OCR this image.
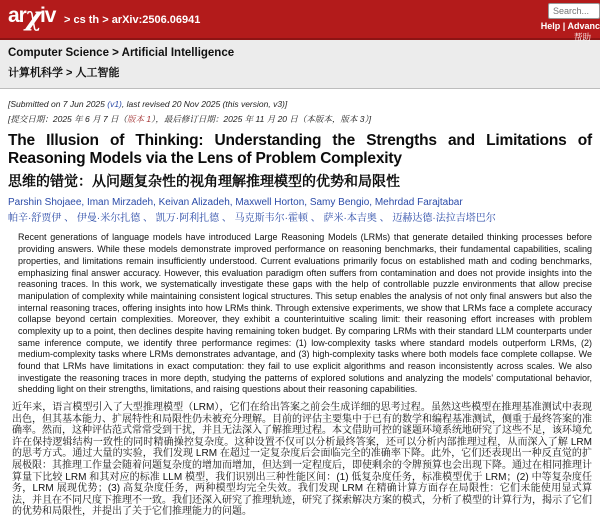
arχiv > cs th > arXiv:2506.06941
Search...	Help | Advanc
帮助
Computer Science > Artificial Intelligence
计算机科学 > 人工智能
[Submitted on 7 Jun 2025 (v1), last revised 20 Nov 2025 (this version, v3)]
[提交日期：2025 年 6 月 7 日（版本 1），最后修订日期：2025 年 11 月 20 日（本版本，版本 3）]
The Illusion of Thinking: Understanding the Strengths and Limitations of Reasoning Models via the Lens of Problem Complexity
思维的错觉：从问题复杂性的视角理解推理模型的优势和局限性
Parshin Shojaee, Iman Mirzadeh, Keivan Alizadeh, Maxwell Horton, Samy Bengio, Mehrdad Farajtabar
帕辛·舒贾伊 、 伊曼·米尔扎德 、 凯万·阿利扎德 、 马克斯韦尔·霍顿 、 萨米·本吉奥 、 迈赫达德·法拉吉塔巴尔

Recent generations of language models have introduced Large Reasoning Models (LRMs) that generate detailed thinking processes before providing answers. While these models demonstrate improved performance on reasoning benchmarks, their fundamental capabilities, scaling properties, and limitations remain insufficiently understood. Current evaluations primarily focus on established math and coding benchmarks, emphasizing final answer accuracy. However, this evaluation paradigm often suffers from contamination and does not provide insights into the reasoning traces. In this work, we systematically investigate these gaps with the help of controllable puzzle environments that allow precise manipulation of complexity while maintaining consistent logical structures. This setup enables the analysis of not only final answers but also the internal reasoning traces, offering insights into how LRMs think. Through extensive experiments, we show that LRMs face a complete accuracy collapse beyond certain complexities. Moreover, they exhibit a counterintuitive scaling limit: their reasoning effort increases with problem complexity up to a point, then declines despite having remaining token budget. By comparing LRMs with their standard LLM counterparts under same inference compute, we identify three performance regimes: (1) low-complexity tasks where standard models outperform LRMs, (2) medium-complexity tasks where LRMs demonstrates advantage, and (3) high-complexity tasks where both models face complete collapse. We found that LRMs have limitations in exact computation: they fail to use explicit algorithms and reason inconsistently across scales. We also investigate the reasoning traces in more depth, studying the patterns of explored solutions and analyzing the models' computational behavior, shedding light on their strengths, limitations, and raising questions about their reasoning capabilities.

近年来，语言模型引入了大型推理模型（LRM），它们在给出答案之前会生成详细的思考过程。虽然这些模型在推理基准测试中表现出色，但其基本能力、扩展特性和局限性仍未被充分理解。目前的评估主要集中于已有的数学和编程基准测试，侧重于最终答案的准确率。然而，这种评估范式常常受到干扰，并且无法深入了解推理过程。本文借助可控的谜题环境系统地研究了这些不足，该环境允许在保持逻辑结构一致性的同时精确操控复杂度。这种设置不仅可以分析最终答案，还可以分析内部推理过程，从而深入了解 LRM 的思考方式。通过大量的实验，我们发现 LRM 在超过一定复杂度后会面临完全的准确率下降。此外，它们还表现出一种反直觉的扩展极限：其推理工作量会随着问题复杂度的增加而增加，但达到一定程度后，即使剩余的令牌预算也会出现下降。通过在相同推理计算量下比较 LRM 和其对应的标准 LLM 模型，我们识别出三种性能区间：(1) 低复杂度任务，标准模型优于 LRM；(2) 中等复杂度任务，LRM 展现优势；(3) 高复杂度任务，两种模型均完全失效。我们发现 LRM 在精确计算方面存在局限性：它们未能使用显式算法，并且在不同尺度下推理不一致。我们还深入研究了推理轨迹，研究了探索解决方案的模式，分析了模型的计算行为，揭示了它们的优势和局限性，并提出了关于它们推理能力的问题。
